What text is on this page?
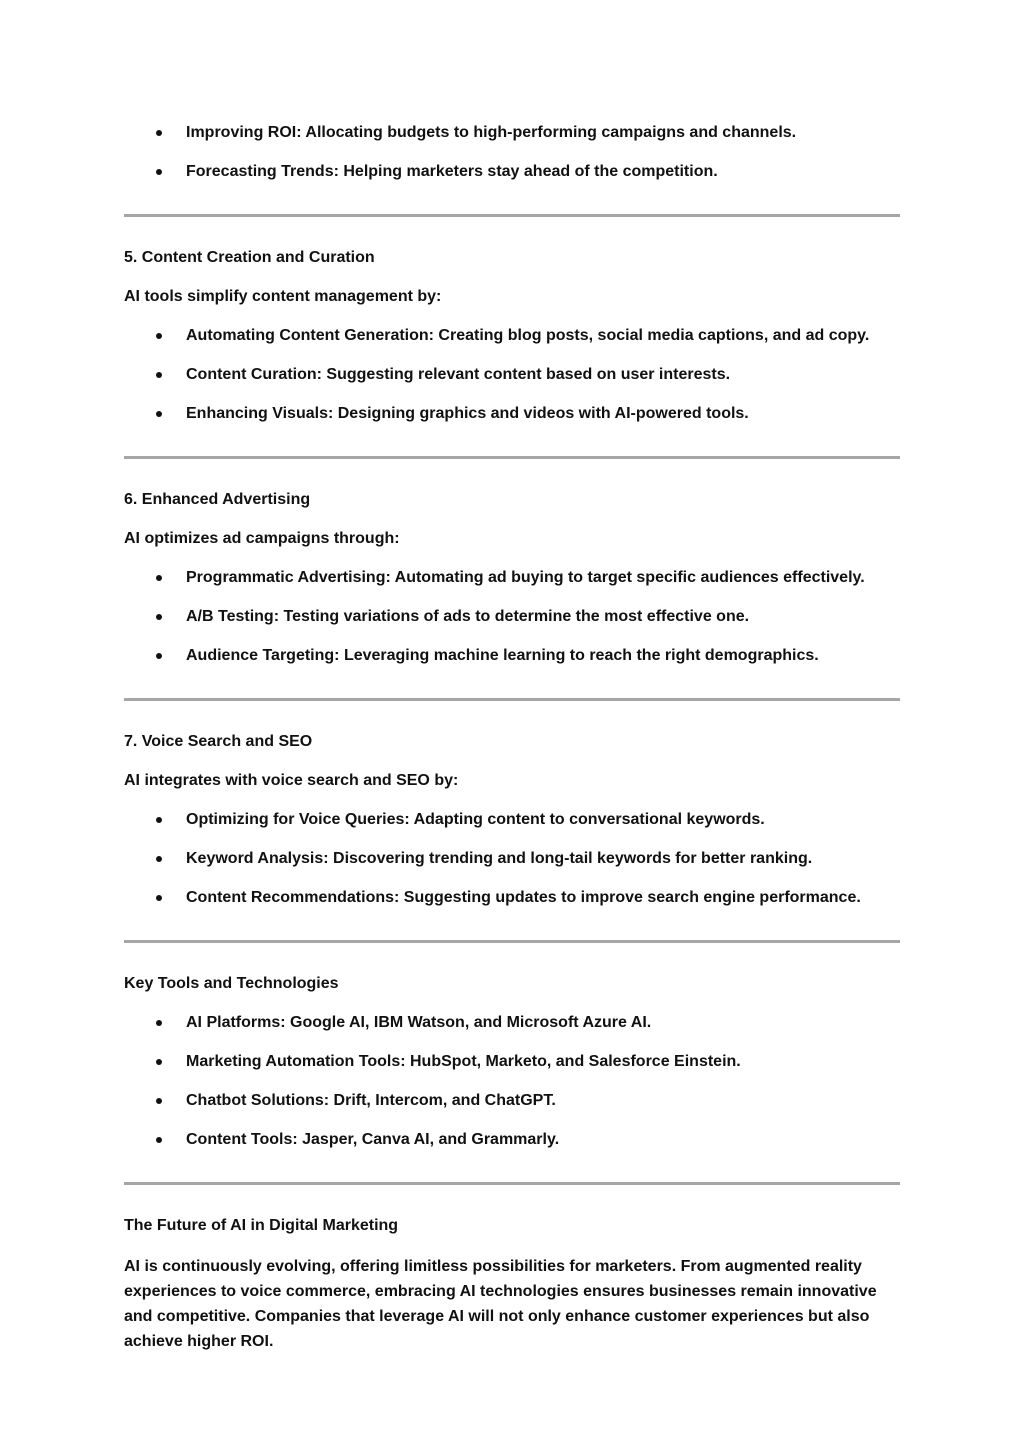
Improving ROI: Allocating budgets to high-performing campaigns and channels.
Forecasting Trends: Helping marketers stay ahead of the competition.
5. Content Creation and Curation
AI tools simplify content management by:
Automating Content Generation: Creating blog posts, social media captions, and ad copy.
Content Curation: Suggesting relevant content based on user interests.
Enhancing Visuals: Designing graphics and videos with AI-powered tools.
6. Enhanced Advertising
AI optimizes ad campaigns through:
Programmatic Advertising: Automating ad buying to target specific audiences effectively.
A/B Testing: Testing variations of ads to determine the most effective one.
Audience Targeting: Leveraging machine learning to reach the right demographics.
7. Voice Search and SEO
AI integrates with voice search and SEO by:
Optimizing for Voice Queries: Adapting content to conversational keywords.
Keyword Analysis: Discovering trending and long-tail keywords for better ranking.
Content Recommendations: Suggesting updates to improve search engine performance.
Key Tools and Technologies
AI Platforms: Google AI, IBM Watson, and Microsoft Azure AI.
Marketing Automation Tools: HubSpot, Marketo, and Salesforce Einstein.
Chatbot Solutions: Drift, Intercom, and ChatGPT.
Content Tools: Jasper, Canva AI, and Grammarly.
The Future of AI in Digital Marketing
AI is continuously evolving, offering limitless possibilities for marketers. From augmented reality experiences to voice commerce, embracing AI technologies ensures businesses remain innovative and competitive. Companies that leverage AI will not only enhance customer experiences but also achieve higher ROI.
